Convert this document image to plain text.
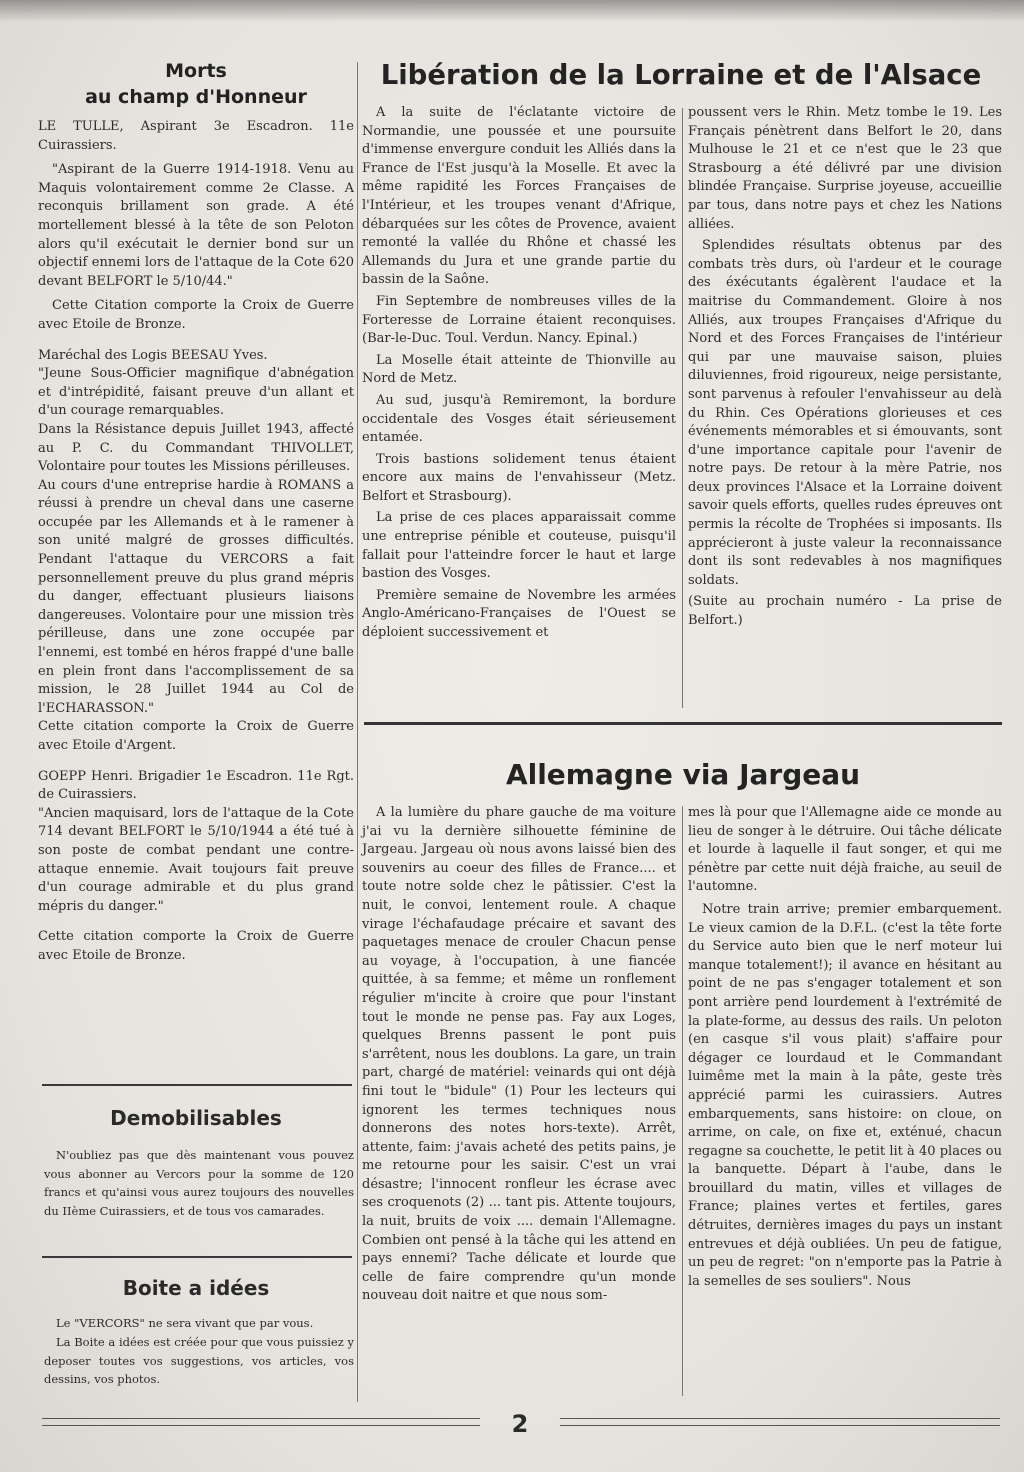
Morts
au champ d'Honneur

LE TULLE, Aspirant 3e Escadron. 11e Cuirassiers.

"Aspirant de la Guerre 1914-1918. Venu au Maquis volontairement comme 2e Classe. A reconquis brillament son grade. A été mortellement blessé à la tête de son Peloton alors qu'il exécutait le dernier bond sur un objectif ennemi lors de l'attaque de la Cote 620 devant BELFORT le 5/10/44."

Cette Citation comporte la Croix de Guerre avec Etoile de Bronze.

Maréchal des Logis BEESAU Yves.

"Jeune Sous-Officier magnifique d'abnégation et d'intrépidité, faisant preuve d'un allant et d'un courage remarquables.

Dans la Résistance depuis Juillet 1943, affecté au P. C. du Commandant THIVOLLET, Volontaire pour toutes les Missions périlleuses.

Au cours d'une entreprise hardie à ROMANS a réussi à prendre un cheval dans une caserne occupée par les Allemands et à le ramener à son unité malgré de grosses difficultés. Pendant l'attaque du VERCORS a fait personnellement preuve du plus grand mépris du danger, effectuant plusieurs liaisons dangereuses. Volontaire pour une mission très périlleuse, dans une zone occupée par l'ennemi, est tombé en héros frappé d'une balle en plein front dans l'accomplissement de sa mission, le 28 Juillet 1944 au Col de l'ECHARASSON."

Cette citation comporte la Croix de Guerre avec Etoile d'Argent.

GOEPP Henri. Brigadier 1e Escadron. 11e Rgt. de Cuirassiers.

"Ancien maquisard, lors de l'attaque de la Cote 714 devant BELFORT le 5/10/1944 a été tué à son poste de combat pendant une contre-attaque ennemie. Avait toujours fait preuve d'un courage admirable et du plus grand mépris du danger."

Cette citation comporte la Croix de Guerre avec Etoile de Bronze.

Demobilisables

N'oubliez pas que dès maintenant vous pouvez vous abonner au Vercors pour la somme de 120 francs et qu'ainsi vous aurez toujours des nouvelles du IIème Cuirassiers, et de tous vos camarades.

Boite a idées

Le "VERCORS" ne sera vivant que par vous.

La Boite a idées est créée pour que vous puissiez y deposer toutes vos suggestions, vos articles, vos dessins, vos photos.

Libération de la Lorraine et de l'Alsace

A la suite de l'éclatante victoire de Normandie, une poussée et une poursuite d'immense envergure conduit les Alliés dans la France de l'Est jusqu'à la Moselle. Et avec la même rapidité les Forces Françaises de l'Intérieur, et les troupes venant d'Afrique, débarquées sur les côtes de Provence, avaient remonté la vallée du Rhône et chassé les Allemands du Jura et une grande partie du bassin de la Saône.

Fin Septembre de nombreuses villes de la Forteresse de Lorraine étaient reconquises. (Bar-le-Duc. Toul. Verdun. Nancy. Epinal.)

La Moselle était atteinte de Thionville au Nord de Metz.

Au sud, jusqu'à Remiremont, la bordure occidentale des Vosges était sérieusement entamée.

Trois bastions solidement tenus étaient encore aux mains de l'envahisseur (Metz. Belfort et Strasbourg).

La prise de ces places apparaissait comme une entreprise pénible et couteuse, puisqu'il fallait pour l'atteindre forcer le haut et large bastion des Vosges.

Première semaine de Novembre les armées Anglo-Américano-Françaises de l'Ouest se déploient successivement et

poussent vers le Rhin. Metz tombe le 19. Les Français pénètrent dans Belfort le 20, dans Mulhouse le 21 et ce n'est que le 23 que Strasbourg a été délivré par une division blindée Française. Surprise joyeuse, accueillie par tous, dans notre pays et chez les Nations alliées.

Splendides résultats obtenus par des combats très durs, où l'ardeur et le courage des éxécutants égalèrent l'audace et la maitrise du Commandement. Gloire à nos Alliés, aux troupes Françaises d'Afrique du Nord et des Forces Françaises de l'intérieur qui par une mauvaise saison, pluies diluviennes, froid rigoureux, neige persistante, sont parvenus à refouler l'envahisseur au delà du Rhin. Ces Opérations glorieuses et ces événements mémorables et si émouvants, sont d'une importance capitale pour l'avenir de notre pays. De retour à la mère Patrie, nos deux provinces l'Alsace et la Lorraine doivent savoir quels efforts, quelles rudes épreuves ont permis la récolte de Trophées si imposants. Ils apprécieront à juste valeur la reconnaissance dont ils sont redevables à nos magnifiques soldats.

(Suite au prochain numéro - La prise de Belfort.)

Allemagne via Jargeau

A la lumière du phare gauche de ma voiture j'ai vu la dernière silhouette féminine de Jargeau. Jargeau où nous avons laissé bien des souvenirs au coeur des filles de France.... et toute notre solde chez le pâtissier. C'est la nuit, le convoi, lentement roule. A chaque virage l'échafaudage précaire et savant des paquetages menace de crouler Chacun pense au voyage, à l'occupation, à une fiancée quittée, à sa femme; et même un ronflement régulier m'incite à croire que pour l'instant tout le monde ne pense pas. Fay aux Loges, quelques Brenns passent le pont puis s'arrêtent, nous les doublons. La gare, un train part, chargé de matériel: veinards qui ont déjà fini tout le "bidule" (1) Pour les lecteurs qui ignorent les termes techniques nous donnerons des notes hors-texte). Arrêt, attente, faim: j'avais acheté des petits pains, je me retourne pour les saisir. C'est un vrai désastre; l'innocent ronfleur les écrase avec ses croquenots (2) ... tant pis. Attente toujours, la nuit, bruits de voix .... demain l'Allemagne. Combien ont pensé à la tâche qui les attend en pays ennemi? Tache délicate et lourde que celle de faire comprendre qu'un monde nouveau doit naitre et que nous som-

mes là pour que l'Allemagne aide ce monde au lieu de songer à le détruire. Oui tâche délicate et lourde à laquelle il faut songer, et qui me pénètre par cette nuit déjà fraiche, au seuil de l'automne.

Notre train arrive; premier embarquement. Le vieux camion de la D.F.L. (c'est la tête forte du Service auto bien que le nerf moteur lui manque totalement!); il avance en hésitant au point de ne pas s'engager totalement et son pont arrière pend lourdement à l'extrémité de la plate-forme, au dessus des rails. Un peloton (en casque s'il vous plait) s'affaire pour dégager ce lourdaud et le Commandant luimême met la main à la pâte, geste très apprécié parmi les cuirassiers. Autres embarquements, sans histoire: on cloue, on arrime, on cale, on fixe et, exténué, chacun regagne sa couchette, le petit lit à 40 places ou la banquette. Départ à l'aube, dans le brouillard du matin, villes et villages de France; plaines vertes et fertiles, gares détruites, dernières images du pays un instant entrevues et déjà oubliées. Un peu de fatigue, un peu de regret: "on n'emporte pas la Patrie à la semelles de ses souliers". Nous

2
